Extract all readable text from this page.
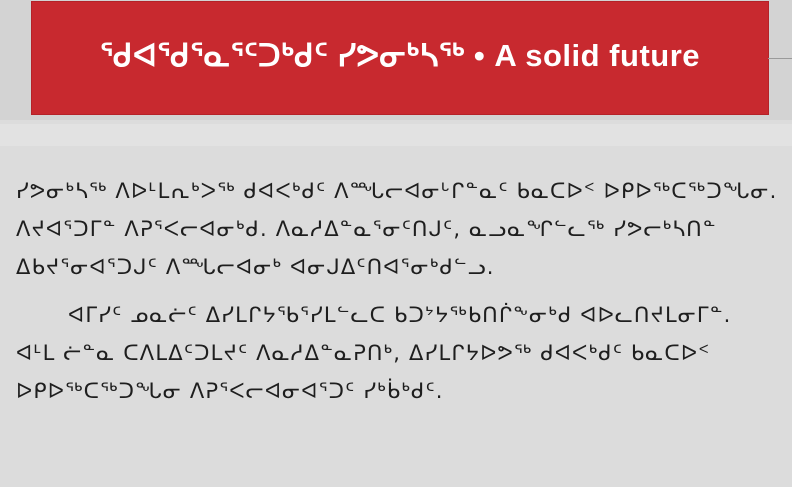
ᖁᐊᖁᕐᓇᕐᑦᑐᒃᑯᑦ ᓯᕗᓂᒃᓴᖅ • A solid future
ᓯᕗᓂᒃᓴᖅ ᐱᐅᒻᒪᕆᒃᐳᖅ ᑯᐊᐸᒃᑯᑦ ᐱᙵᓕᐊᓂᒡᒋᓐᓇᑦ ᑲᓇᑕᐅᑉ ᐅᑭᐅᖅᑕᖅᑐᖓᓂ.
ᐱᔪᐊᕐᑐᒥᓐ ᐱᕈᕐᐸᓕᐊᓂᒃᑯ. ᐱᓇᓱᐃᓐᓇᕐᓂᑦᑎᒍᑦ, ᓇᓗᓇᖏᓪᓚᖅ ᓯᕗᓕᒃᓴᑎᓐ
ᐃᑲᔪᕐᓂᐊᕐᑐᒍᑦ ᐱᙵᓕᐊᓂᒃ ᐊᓂᒍᐃᑦᑎᐊᕐᓂᒃᑯᓪᓗ.
ᐊᒥᓯᑦ ᓄᓇᓖᑦ ᐃᓯᒪᒋᔭᖃᕐᓯᒪᓪᓚᑕ ᑲᑐᔾᔭᖅᑲᑎᒌᖕᓂᒃᑯ ᐊᐅᓚᑎᔪᒪᓂᒥᓐ.
ᐊᒻᒪ ᓖᓐᓇ ᑕᐱᒪᐃᑦᑐᒪᔪᑦ ᐱᓇᓱᐃᓐᓇᕈᑎᒃ, ᐃᓯᒪᒋᔭᐅᕗᖅ ᑯᐊᐸᒃᑯᑦ ᑲᓇᑕᐅᑉ
ᐅᑭᐅᖅᑕᖅᑐᖓᓂ ᐱᕈᕐᐸᓕᐊᓂᐊᕐᑐᑦ ᓯᒃᑳᒃᑯᑦ.
